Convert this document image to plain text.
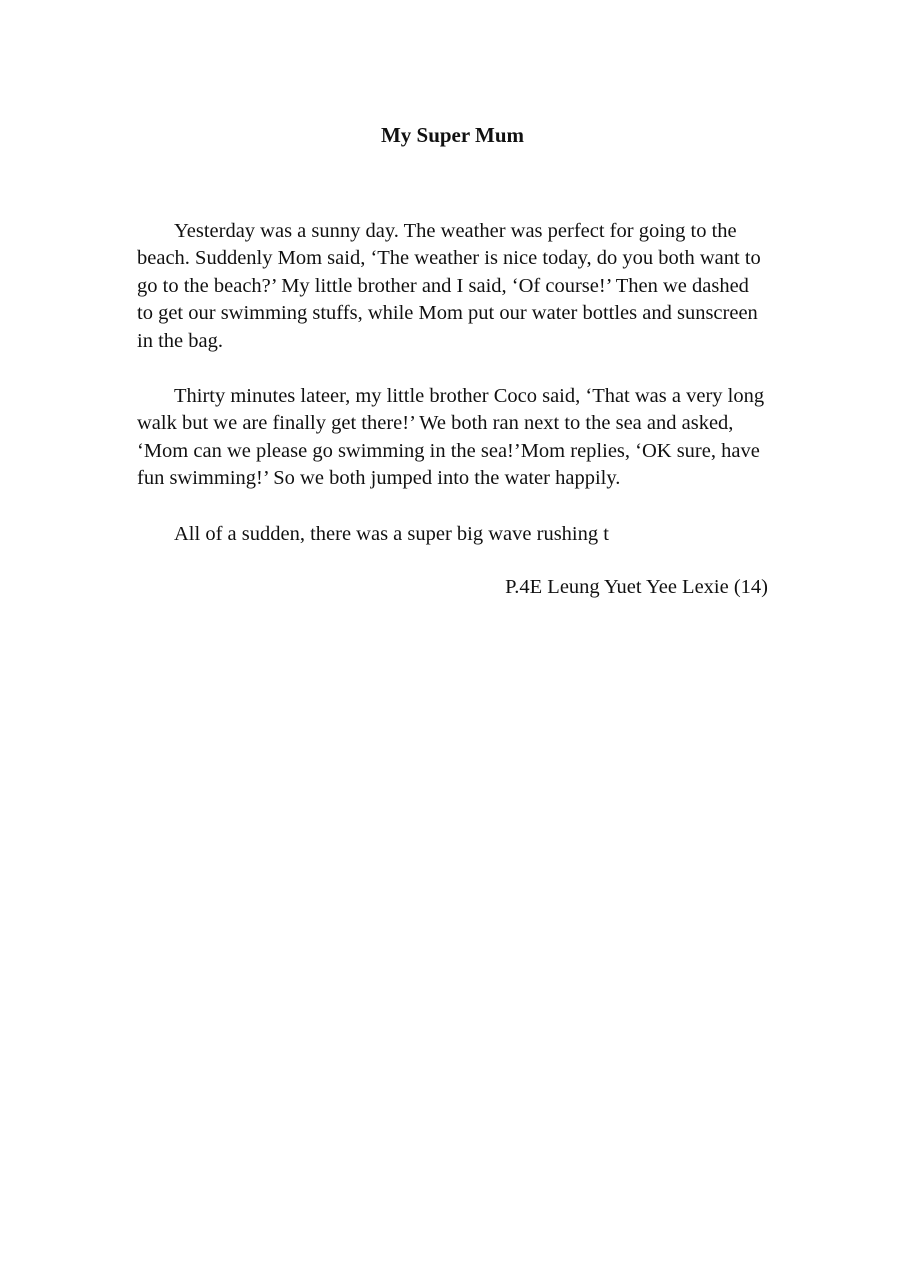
My Super Mum

Yesterday was a sunny day. The weather was perfect for going to the beach. Suddenly Mom said, ‘The weather is nice today, do you both want to go to the beach?’ My little brother and I said, ‘Of course!’ Then we dashed to get our swimming stuffs, while Mom put our water bottles and sunscreen in the bag.

Thirty minutes lateer, my little brother Coco said, ‘That was a very long walk but we are finally get there!’ We both ran next to the sea and asked, ‘Mom can we please go swimming in the sea!’Mom replies, ‘OK sure, have fun swimming!’ So we both jumped into the water happily.

All of a sudden, there was a super big wave rushing t

P.4E Leung Yuet Yee Lexie (14)
